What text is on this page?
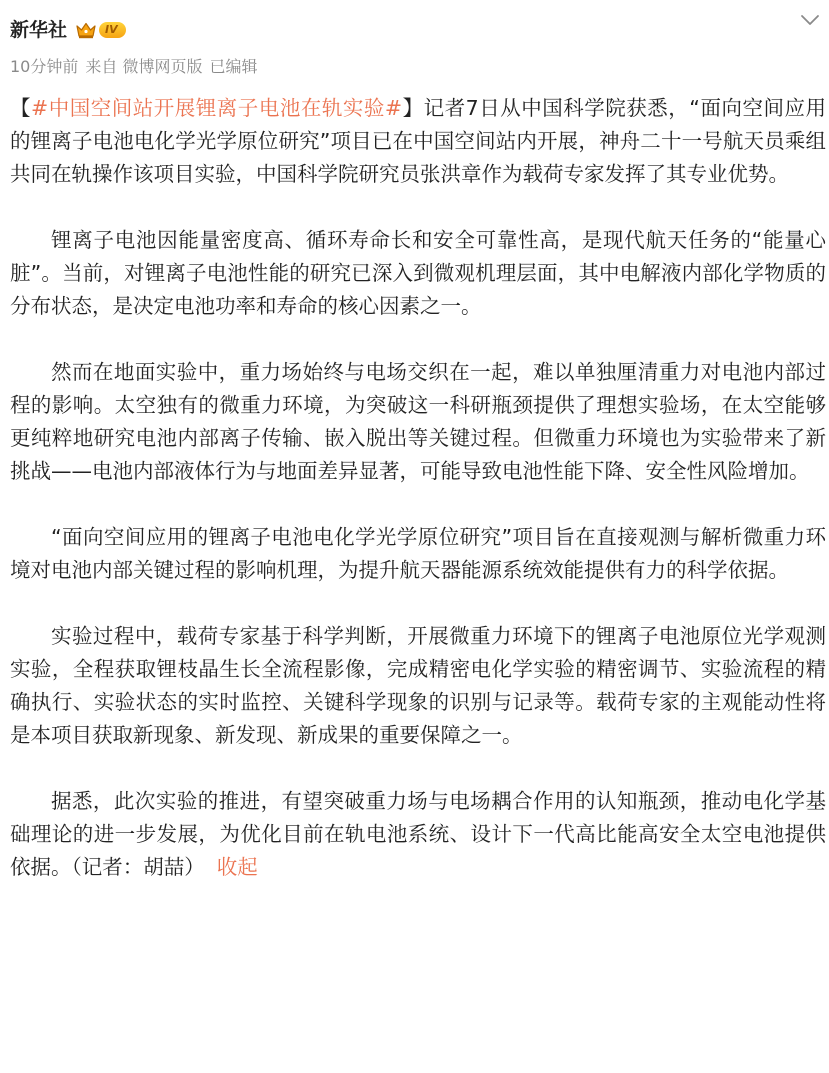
新华社	IV
10分钟前 来自 微博网页版 已编辑

【#中国空间站开展锂离子电池在轨实验#】记者7日从中国科学院获悉，“面向空间应用的锂离子电池电化学光学原位研究”项目已在中国空间站内开展，神舟二十一号航天员乘组共同在轨操作该项目实验，中国科学院研究员张洪章作为载荷专家发挥了其专业优势。

锂离子电池因能量密度高、循环寿命长和安全可靠性高，是现代航天任务的“能量心脏”。当前，对锂离子电池性能的研究已深入到微观机理层面，其中电解液内部化学物质的分布状态，是决定电池功率和寿命的核心因素之一。

然而在地面实验中，重力场始终与电场交织在一起，难以单独厘清重力对电池内部过程的影响。太空独有的微重力环境，为突破这一科研瓶颈提供了理想实验场，在太空能够更纯粹地研究电池内部离子传输、嵌入脱出等关键过程。但微重力环境也为实验带来了新挑战——电池内部液体行为与地面差异显著，可能导致电池性能下降、安全性风险增加。

“面向空间应用的锂离子电池电化学光学原位研究”项目旨在直接观测与解析微重力环境对电池内部关键过程的影响机理，为提升航天器能源系统效能提供有力的科学依据。

实验过程中，载荷专家基于科学判断，开展微重力环境下的锂离子电池原位光学观测实验，全程获取锂枝晶生长全流程影像，完成精密电化学实验的精密调节、实验流程的精确执行、实验状态的实时监控、关键科学现象的识别与记录等。载荷专家的主观能动性将是本项目获取新现象、新发现、新成果的重要保障之一。

据悉，此次实验的推进，有望突破重力场与电场耦合作用的认知瓶颈，推动电化学基础理论的进一步发展，为优化目前在轨电池系统、设计下一代高比能高安全太空电池提供依据。（记者：胡喆） 收起
